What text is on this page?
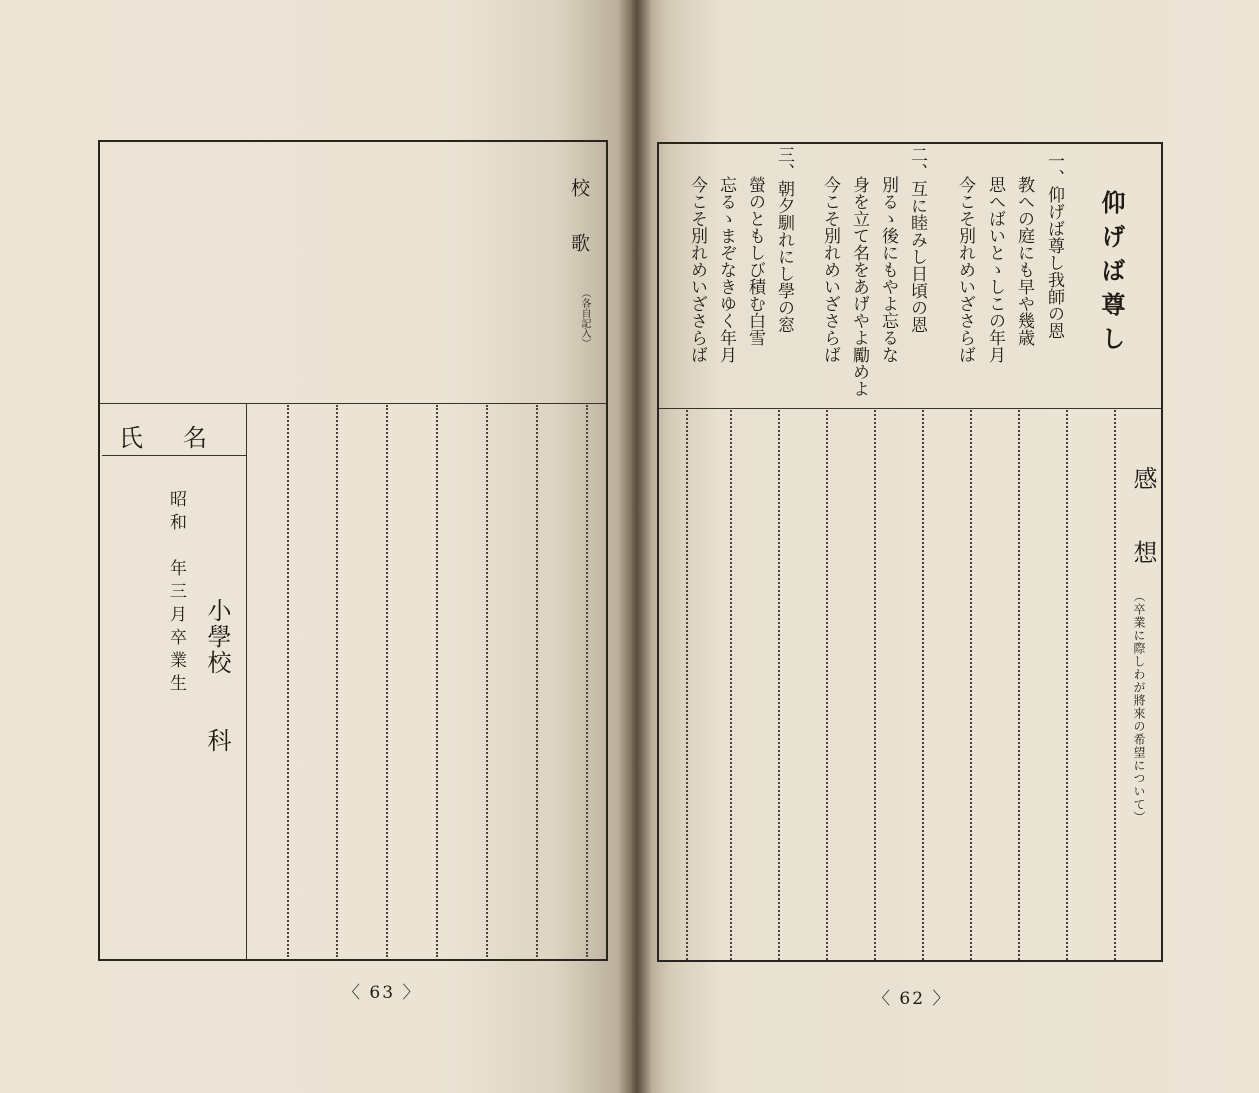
校歌
（各自記入）
〈 63 〉
仰げば尊し
一、仰げば尊し我師の恩
教への庭にも早や幾歳
思へばいとゝしこの年月
今こそ別れめいざさらば
二、互に睦みし日頃の恩
別るゝ後にもやよ忘るな
身を立て名をあげやよ勵めよ
今こそ別れめいざさらば
三、朝夕馴れにし學の窓
螢のともしび積む白雪
忘るゝまぞなきゆく年月
今こそ別れめいざさらば
感想
（卒業に際しわが將來の希望について）
〈 62 〉
氏名
昭和　年三月卒業生 小學校　　科
